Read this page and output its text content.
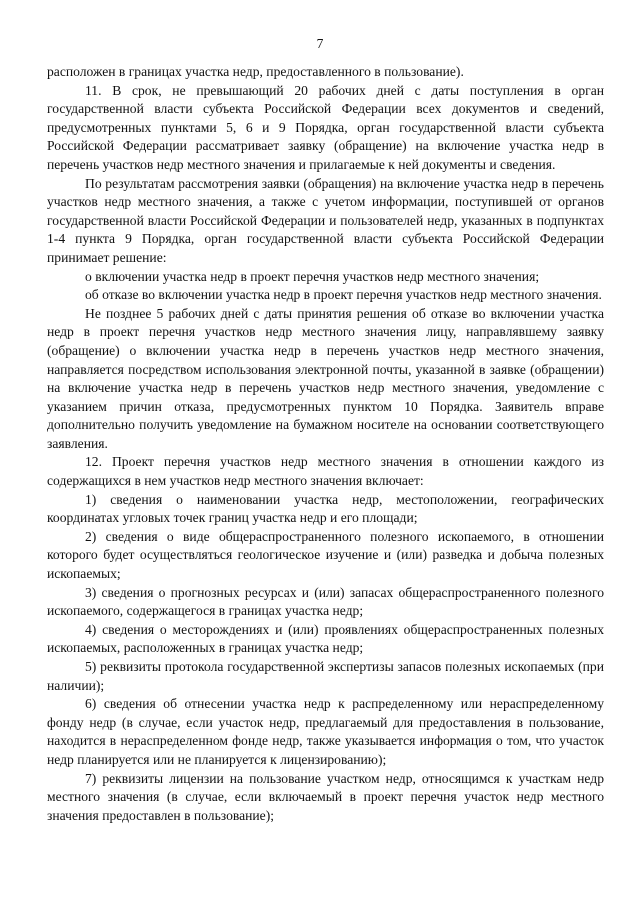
7

расположен в границах участка недр, предоставленного в пользование).

11. В срок, не превышающий 20 рабочих дней с даты поступления в орган государственной власти субъекта Российской Федерации всех документов и сведений, предусмотренных пунктами 5, 6 и 9 Порядка, орган государственной власти субъекта Российской Федерации рассматривает заявку (обращение) на включение участка недр в перечень участков недр местного значения и прилагаемые к ней документы и сведения.

По результатам рассмотрения заявки (обращения) на включение участка недр в перечень участков недр местного значения, а также с учетом информации, поступившей от органов государственной власти Российской Федерации и пользователей недр, указанных в подпунктах 1-4 пункта 9 Порядка, орган государственной власти субъекта Российской Федерации принимает решение:

о включении участка недр в проект перечня участков недр местного значения;

об отказе во включении участка недр в проект перечня участков недр местного значения.

Не позднее 5 рабочих дней с даты принятия решения об отказе во включении участка недр в проект перечня участков недр местного значения лицу, направлявшему заявку (обращение) о включении участка недр в перечень участков недр местного значения, направляется посредством использования электронной почты, указанной в заявке (обращении) на включение участка недр в перечень участков недр местного значения, уведомление с указанием причин отказа, предусмотренных пунктом 10 Порядка. Заявитель вправе дополнительно получить уведомление на бумажном носителе на основании соответствующего заявления.

12. Проект перечня участков недр местного значения в отношении каждого из содержащихся в нем участков недр местного значения включает:

1) сведения о наименовании участка недр, местоположении, географических координатах угловых точек границ участка недр и его площади;

2) сведения о виде общераспространенного полезного ископаемого, в отношении которого будет осуществляться геологическое изучение и (или) разведка и добыча полезных ископаемых;

3) сведения о прогнозных ресурсах и (или) запасах общераспространенного полезного ископаемого, содержащегося в границах участка недр;

4) сведения о месторождениях и (или) проявлениях общераспространенных полезных ископаемых, расположенных в границах участка недр;

5) реквизиты протокола государственной экспертизы запасов полезных ископаемых (при наличии);

6) сведения об отнесении участка недр к распределенному или нераспределенному фонду недр (в случае, если участок недр, предлагаемый для предоставления в пользование, находится в нераспределенном фонде недр, также указывается информация о том, что участок недр планируется или не планируется к лицензированию);

7) реквизиты лицензии на пользование участком недр, относящимся к участкам недр местного значения (в случае, если включаемый в проект перечня участок недр местного значения предоставлен в пользование);
